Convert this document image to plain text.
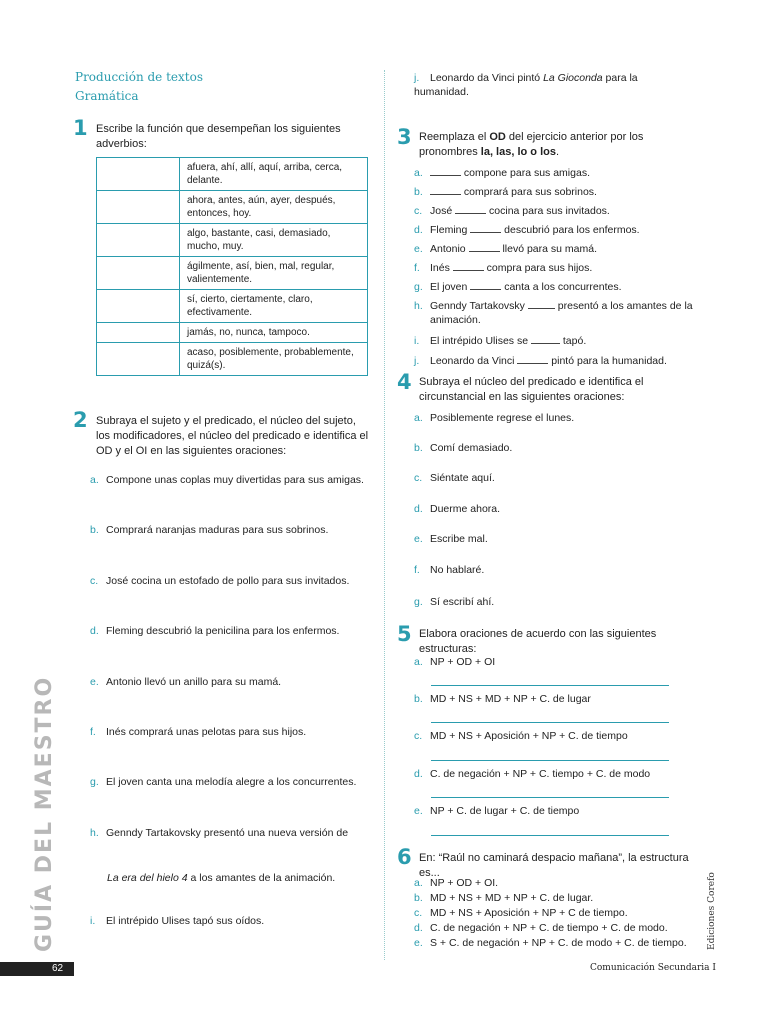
Producción de textos
Gramática
1 Escribe la función que desempeñan los siguientes adverbios:
	afuera, ahí, allí, aquí, arriba, cerca, delante.
	ahora, antes, aún, ayer, después, entonces, hoy.
	algo, bastante, casi, demasiado, mucho, muy.
	ágilmente, así, bien, mal, regular, valientemente.
	sí, cierto, ciertamente, claro, efectivamente.
	jamás, no, nunca, tampoco.
	acaso, posiblemente, probablemente, quizá(s).
2 Subraya el sujeto y el predicado, el núcleo del sujeto, los modificadores, el núcleo del predicado e identifica el OD y el OI en las siguientes oraciones:
a. Compone unas coplas muy divertidas para sus amigas.
b. Comprará naranjas maduras para sus sobrinos.
c. José cocina un estofado de pollo para sus invitados.
d. Fleming descubrió la penicilina para los enfermos.
e. Antonio llevó un anillo para su mamá.
f. Inés comprará unas pelotas para sus hijos.
g. El joven canta una melodía alegre a los concurrentes.
h. Genndy Tartakovsky presentó una nueva versión de
La era del hielo 4 a los amantes de la animación.
i. El intrépido Ulises tapó sus oídos.
j. Leonardo da Vinci pintó La Gioconda para la humanidad.
3 Reemplaza el OD del ejercicio anterior por los pronombres la, las, lo o los.
a.	compone para sus amigas.
b.	comprará para sus sobrinos.
c. José	cocina para sus invitados.
d. Fleming	descubrió para los enfermos.
e. Antonio	llevó para su mamá.
f. Inés	compra para sus hijos.
g. El joven	canta a los concurrentes.
h. Genndy Tartakovsky	presentó a los amantes de la animación.
i. El intrépido Ulises se	tapó.
j. Leonardo da Vinci	pintó para la humanidad.
4 Subraya el núcleo del predicado e identifica el circunstancial en las siguientes oraciones:
a. Posiblemente regrese el lunes.
b. Comí demasiado.
c. Siéntate aquí.
d. Duerme ahora.
e. Escribe mal.
f. No hablaré.
g. Sí escribí ahí.
5 Elabora oraciones de acuerdo con las siguientes estructuras:
a. NP + OD + OI
b. MD + NS + MD + NP + C. de lugar
c. MD + NS + Aposición + NP + C. de tiempo
d. C. de negación + NP + C. tiempo + C. de modo
e. NP + C. de lugar + C. de tiempo
6 En: “Raúl no caminará despacio mañana”, la estructura es...
a. NP + OD + OI.
b. MD + NS + MD + NP + C. de lugar.
c. MD + NS + Aposición + NP + C de tiempo.
d. C. de negación + NP + C. de tiempo + C. de modo.
e. S + C. de negación + NP + C. de modo + C. de tiempo.
GUÍA DEL MAESTRO	Ediciones Corefo
62	Comunicación Secundaria I
